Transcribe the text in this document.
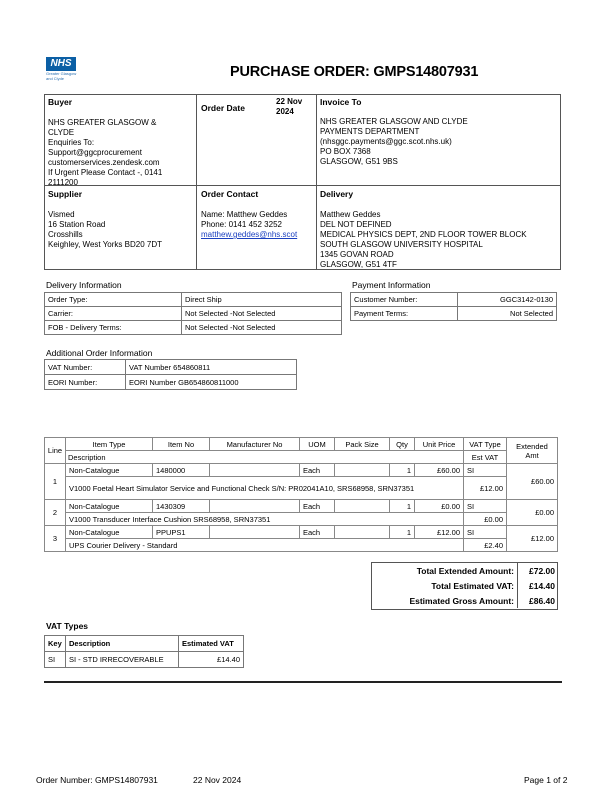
NHS
Greater Glasgow
and Clyde	PURCHASE ORDER: GMPS14807931
Buyer
NHS GREATER GLASGOW &
CLYDE
Enquiries To:
Support@ggcprocurement
customerservices.zendesk.com
If Urgent Please Contact -, 0141
2111200
Order Date
22 Nov
2024
Invoice To
NHS GREATER GLASGOW AND CLYDE
PAYMENTS DEPARTMENT
(nhsggc.payments@ggc.scot.nhs.uk)
PO BOX 7368
GLASGOW, G51 9BS
Supplier
Vismed
16 Station Road
Crosshills
Keighley, West Yorks BD20 7DT
Order Contact
Name: Matthew Geddes
Phone: 0141 452 3252
matthew.geddes@nhs.scot
Delivery
Matthew Geddes
DEL NOT DEFINED
MEDICAL PHYSICS DEPT, 2ND FLOOR TOWER BLOCK
SOUTH GLASGOW UNIVERSITY HOSPITAL
1345 GOVAN ROAD
GLASGOW, G51 4TF
Delivery Information
Order Type:	Direct Ship
Carrier:	Not Selected -Not Selected
FOB - Delivery Terms:	Not Selected -Not Selected
Payment Information
Customer Number:	GGC3142-0130
Payment Terms:	Not Selected
Additional Order Information
VAT Number:	VAT Number 654860811
EORI Number:	EORI Number GB654860811000
Line	Item Type	Item No	Manufacturer No	UOM	Pack Size	Qty	Unit Price	VAT Type	Extended Amt
	Description							Est VAT	
1	Non-Catalogue	1480000		Each		1	£60.00	SI	£60.00
	V1000 Foetal Heart Simulator Service and Functional Check S/N: PR02041A10, SRS68958, SRN37351							£12.00	
2	Non-Catalogue	1430309		Each		1	£0.00	SI	£0.00
	V1000 Transducer Interface Cushion SRS68958, SRN37351							£0.00	
3	Non-Catalogue	PPUPS1		Each		1	£12.00	SI	£12.00
	UPS Courier Delivery - Standard							£2.40	
Total Extended Amount:	£72.00
Total Estimated VAT:	£14.40
Estimated Gross Amount:	£86.40
VAT Types
Key	Description	Estimated VAT
SI	SI - STD IRRECOVERABLE	£14.40
Order Number: GMPS14807931	22 Nov 2024	Page 1 of 2
